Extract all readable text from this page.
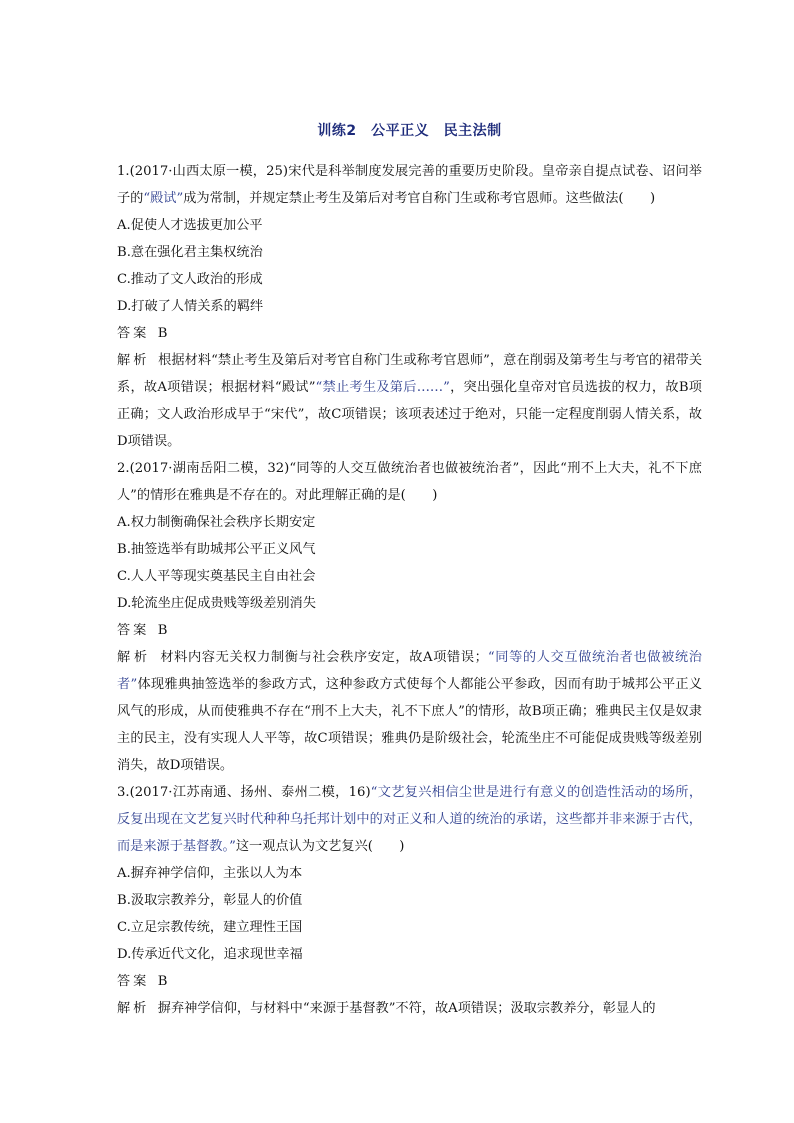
训练2　公平正义　民主法制

1.(2017·山西太原一模，25)宋代是科举制度发展完善的重要历史阶段。皇帝亲自提点试卷、诏问举子的“殿试”成为常制，并规定禁止考生及第后对考官自称门生或称考官恩师。这些做法(　　)

A.促使人才选拔更加公平

B.意在强化君主集权统治

C.推动了文人政治的形成

D.打破了人情关系的羁绊

答案 B

解析 根据材料“禁止考生及第后对考官自称门生或称考官恩师”，意在削弱及第考生与考官的裙带关系，故A项错误；根据材料“殿试”“禁止考生及第后……”，突出强化皇帝对官员选拔的权力，故B项正确；文人政治形成早于“宋代”，故C项错误；该项表述过于绝对，只能一定程度削弱人情关系，故D项错误。

2.(2017·湖南岳阳二模，32)“同等的人交互做统治者也做被统治者”，因此“刑不上大夫，礼不下庶人”的情形在雅典是不存在的。对此理解正确的是(　　)

A.权力制衡确保社会秩序长期安定

B.抽签选举有助城邦公平正义风气

C.人人平等现实奠基民主自由社会

D.轮流坐庄促成贵贱等级差别消失

答案 B

解析 材料内容无关权力制衡与社会秩序安定，故A项错误；“同等的人交互做统治者也做被统治者”体现雅典抽签选举的参政方式，这种参政方式使每个人都能公平参政，因而有助于城邦公平正义风气的形成，从而使雅典不存在“刑不上大夫，礼不下庶人”的情形，故B项正确；雅典民主仅是奴隶主的民主，没有实现人人平等，故C项错误；雅典仍是阶级社会，轮流坐庄不可能促成贵贱等级差别消失，故D项错误。

3.(2017·江苏南通、扬州、泰州二模，16)“文艺复兴相信尘世是进行有意义的创造性活动的场所，反复出现在文艺复兴时代种种乌托邦计划中的对正义和人道的统治的承诺，这些都并非来源于古代，而是来源于基督教。”这一观点认为文艺复兴(　　)

A.摒弃神学信仰，主张以人为本

B.汲取宗教养分，彰显人的价值

C.立足宗教传统，建立理性王国

D.传承近代文化，追求现世幸福

答案 B

解析 摒弃神学信仰，与材料中“来源于基督教”不符，故A项错误；汲取宗教养分，彰显人的
